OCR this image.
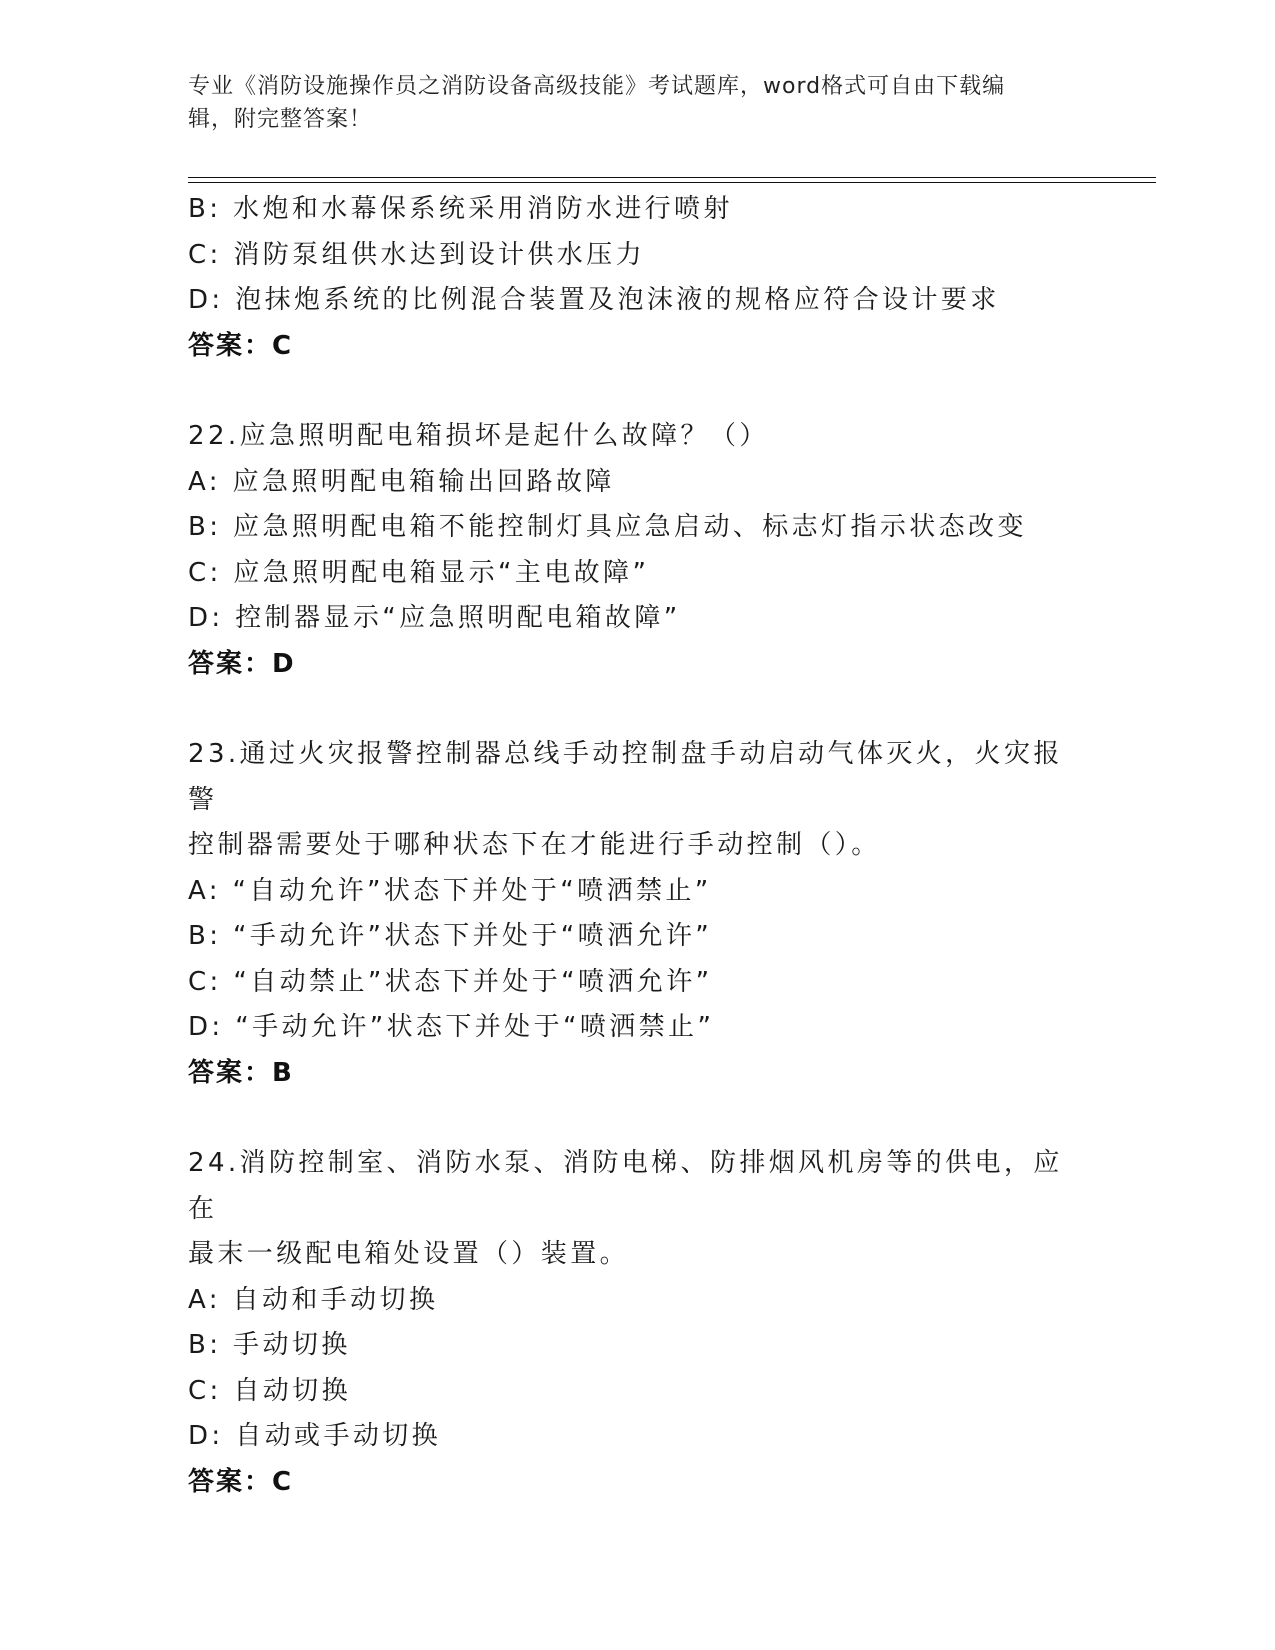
专业《消防设施操作员之消防设备高级技能》考试题库，word格式可自由下载编
辑，附完整答案！

B: 水炮和水幕保系统采用消防水进行喷射

C: 消防泵组供水达到设计供水压力

D: 泡抹炮系统的比例混合装置及泡沫液的规格应符合设计要求

答案：C

22.应急照明配电箱损坏是起什么故障？（）

A: 应急照明配电箱输出回路故障

B: 应急照明配电箱不能控制灯具应急启动、标志灯指示状态改变

C: 应急照明配电箱显示“主电故障”

D: 控制器显示“应急照明配电箱故障”

答案：D

23.通过火灾报警控制器总线手动控制盘手动启动气体灭火，火灾报警

控制器需要处于哪种状态下在才能进行手动控制（）。

A: “自动允许”状态下并处于“喷洒禁止”

B: “手动允许”状态下并处于“喷洒允许”

C: “自动禁止”状态下并处于“喷洒允许”

D: “手动允许”状态下并处于“喷洒禁止”

答案：B

24.消防控制室、消防水泵、消防电梯、防排烟风机房等的供电，应在

最末一级配电箱处设置（）装置。

A: 自动和手动切换

B: 手动切换

C: 自动切换

D: 自动或手动切换

答案：C
